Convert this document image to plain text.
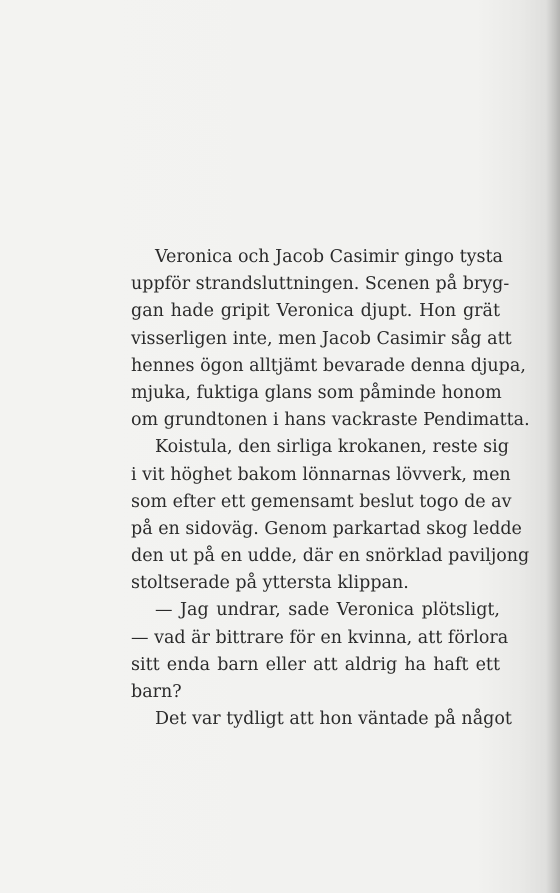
Veronica och Jacob Casimir gingo tysta
uppför strandsluttningen. Scenen på bryg-
gan hade gripit Veronica djupt. Hon grät
visserligen inte, men Jacob Casimir såg att
hennes ögon alltjämt bevarade denna djupa,
mjuka, fuktiga glans som påminde honom
om grundtonen i hans vackraste Pendimatta.
Koistula, den sirliga krokanen, reste sig
i vit höghet bakom lönnarnas lövverk, men
som efter ett gemensamt beslut togo de av
på en sidoväg. Genom parkartad skog ledde
den ut på en udde, där en snörklad paviljong
stoltserade på yttersta klippan.
— Jag undrar, sade Veronica plötsligt,
— vad är bittrare för en kvinna, att förlora
sitt enda barn eller att aldrig ha haft ett
barn?
Det var tydligt att hon väntade på något
